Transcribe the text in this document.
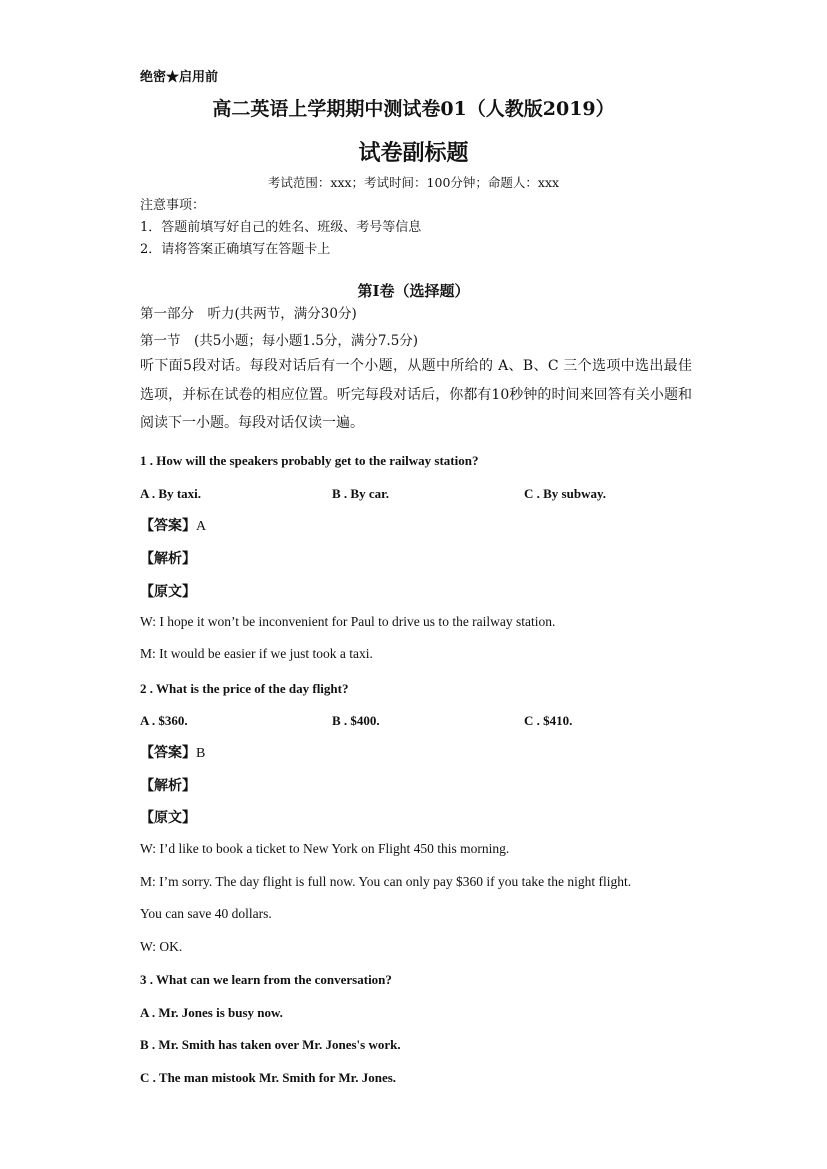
绝密★启用前
高二英语上学期期中测试卷01（人教版2019）
试卷副标题
考试范围：xxx；考试时间：100分钟；命题人：xxx
注意事项：
1．答题前填写好自己的姓名、班级、考号等信息
2．请将答案正确填写在答题卡上
第I卷（选择题）
第一部分　听力(共两节，满分30分)
第一节　(共5小题；每小题1.5分，满分7.5分)
听下面5段对话。每段对话后有一个小题，从题中所给的 A、B、C 三个选项中选出最佳选项，并标在试卷的相应位置。听完每段对话后，你都有10秒钟的时间来回答有关小题和阅读下一小题。每段对话仅读一遍。
1 . How will the speakers probably get to the railway station?
A . By taxi.	B . By car.	C . By subway.
【答案】A
【解析】
【原文】
W: I hope it won’t be inconvenient for Paul to drive us to the railway station.
M: It would be easier if we just took a taxi.
2 . What is the price of the day flight?
A . $360.	B . $400.	C . $410.
【答案】B
【解析】
【原文】
W: I’d like to book a ticket to New York on Flight 450 this morning.
M: I’m sorry. The day flight is full now. You can only pay $360 if you take the night flight.
You can save 40 dollars.
W: OK.
3 . What can we learn from the conversation?
A . Mr. Jones is busy now.
B . Mr. Smith has taken over Mr. Jones's work.
C . The man mistook Mr. Smith for Mr. Jones.
